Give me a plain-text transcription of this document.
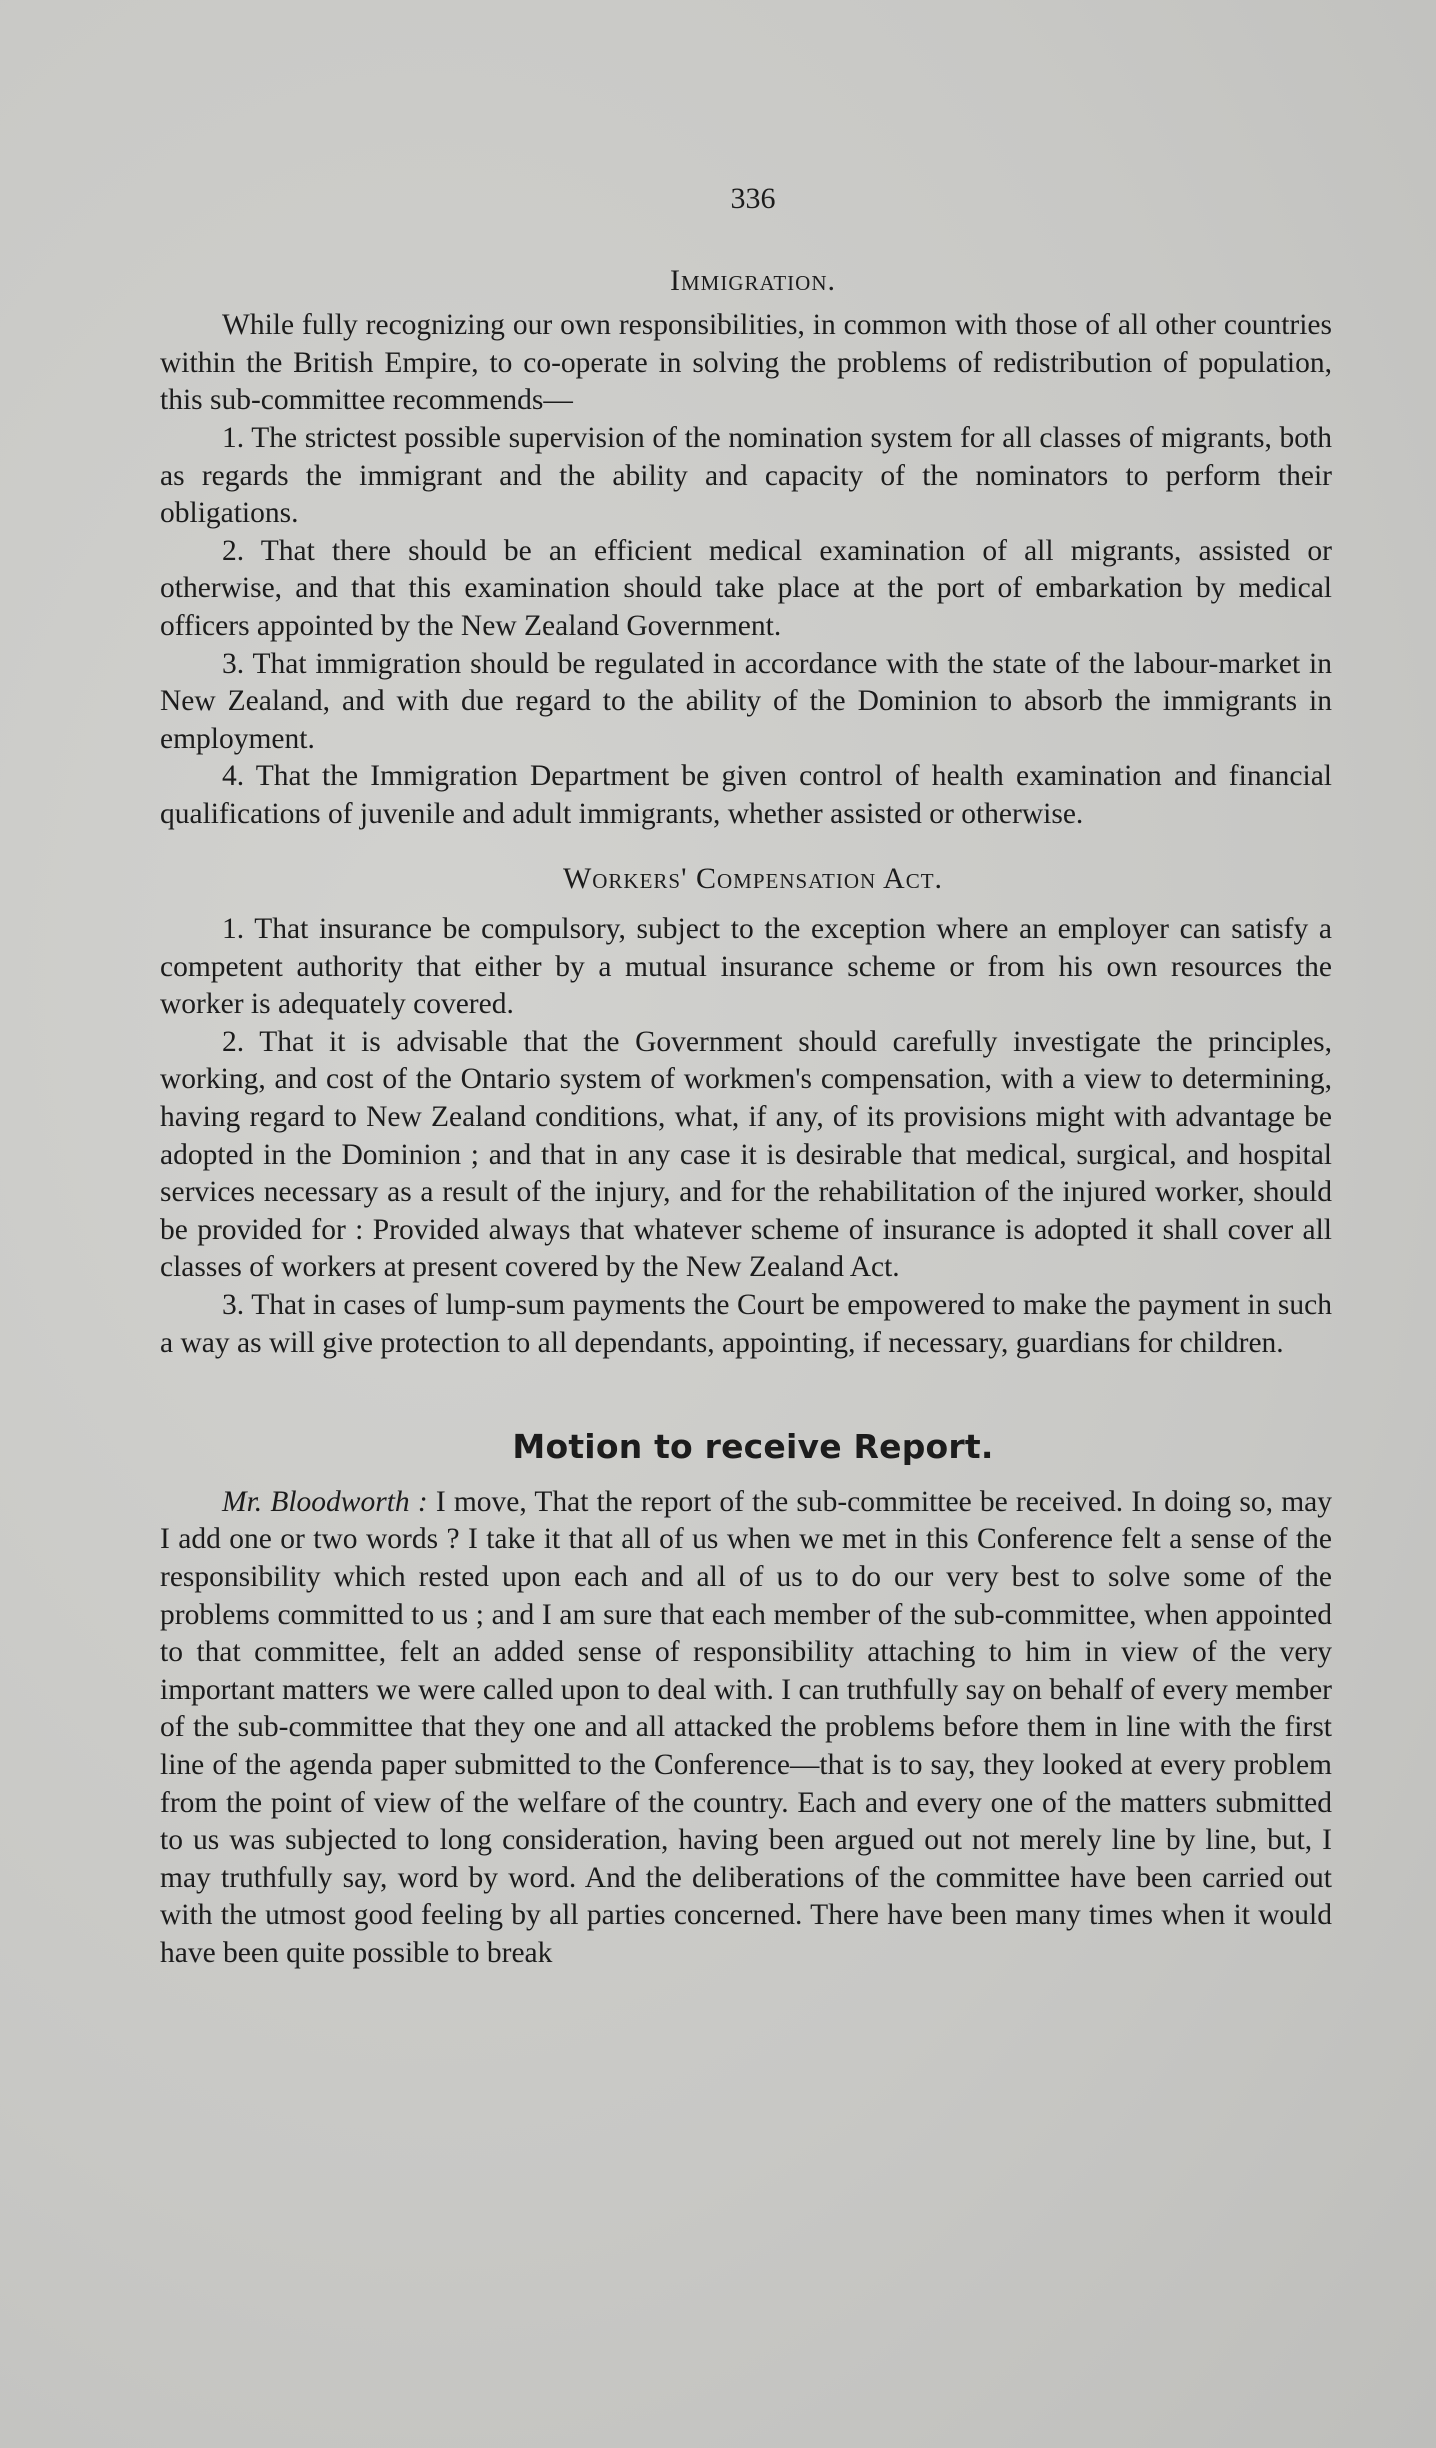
336
Immigration.

While fully recognizing our own responsibilities, in common with those of all other countries within the British Empire, to co-operate in solving the problems of redistribution of population, this sub-committee recommends—

1. The strictest possible supervision of the nomination system for all classes of migrants, both as regards the immigrant and the ability and capacity of the nominators to perform their obligations.

2. That there should be an efficient medical examination of all migrants, assisted or otherwise, and that this examination should take place at the port of embarkation by medical officers appointed by the New Zealand Government.

3. That immigration should be regulated in accordance with the state of the labour-market in New Zealand, and with due regard to the ability of the Dominion to absorb the immigrants in employment.

4. That the Immigration Department be given control of health examination and financial qualifications of juvenile and adult immigrants, whether assisted or otherwise.

Workers' Compensation Act.

1. That insurance be compulsory, subject to the exception where an employer can satisfy a competent authority that either by a mutual insurance scheme or from his own resources the worker is adequately covered.

2. That it is advisable that the Government should carefully investigate the principles, working, and cost of the Ontario system of workmen's compensation, with a view to determining, having regard to New Zealand conditions, what, if any, of its provisions might with advantage be adopted in the Dominion ; and that in any case it is desirable that medical, surgical, and hospital services necessary as a result of the injury, and for the rehabilitation of the injured worker, should be provided for : Provided always that whatever scheme of insurance is adopted it shall cover all classes of workers at present covered by the New Zealand Act.

3. That in cases of lump-sum payments the Court be empowered to make the payment in such a way as will give protection to all dependants, appointing, if necessary, guardians for children.

Motion to receive Report.

Mr. Bloodworth : I move, That the report of the sub-committee be received. In doing so, may I add one or two words ? I take it that all of us when we met in this Conference felt a sense of the responsibility which rested upon each and all of us to do our very best to solve some of the problems committed to us ; and I am sure that each member of the sub-committee, when appointed to that committee, felt an added sense of responsibility attaching to him in view of the very important matters we were called upon to deal with. I can truthfully say on behalf of every member of the sub-committee that they one and all attacked the problems before them in line with the first line of the agenda paper submitted to the Conference—that is to say, they looked at every problem from the point of view of the welfare of the country. Each and every one of the matters submitted to us was subjected to long consideration, having been argued out not merely line by line, but, I may truthfully say, word by word. And the deliberations of the committee have been carried out with the utmost good feeling by all parties concerned. There have been many times when it would have been quite possible to break
